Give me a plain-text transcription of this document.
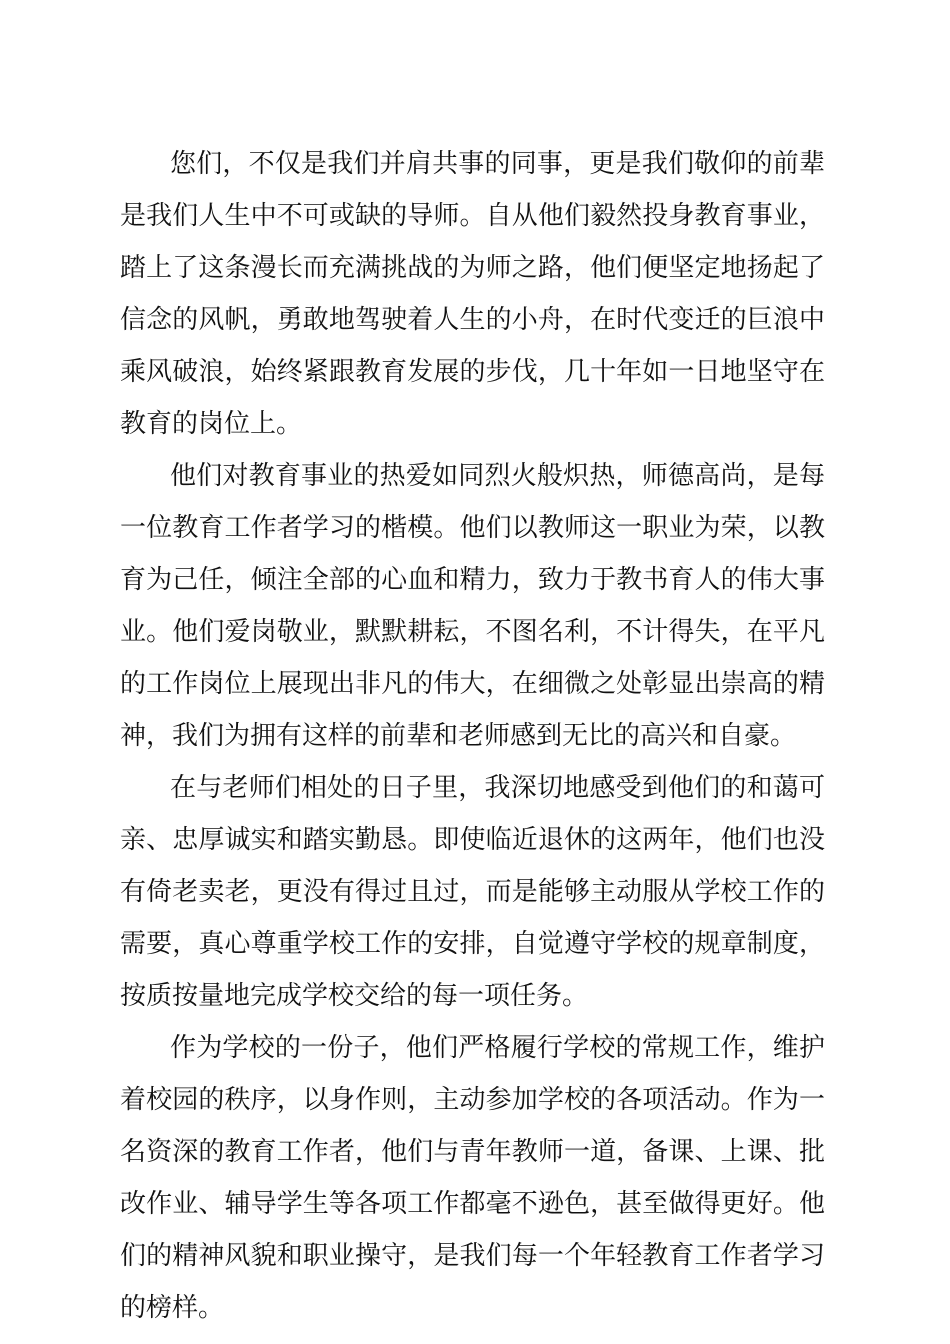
您们，不仅是我们并肩共事的同事，更是我们敬仰的前辈
是我们人生中不可或缺的导师。自从他们毅然投身教育事业，
踏上了这条漫长而充满挑战的为师之路，他们便坚定地扬起了
信念的风帆，勇敢地驾驶着人生的小舟，在时代变迁的巨浪中
乘风破浪，始终紧跟教育发展的步伐，几十年如一日地坚守在
教育的岗位上。
他们对教育事业的热爱如同烈火般炽热，师德高尚，是每
一位教育工作者学习的楷模。他们以教师这一职业为荣，以教
育为己任，倾注全部的心血和精力，致力于教书育人的伟大事
业。他们爱岗敬业，默默耕耘，不图名利，不计得失，在平凡
的工作岗位上展现出非凡的伟大，在细微之处彰显出崇高的精
神，我们为拥有这样的前辈和老师感到无比的高兴和自豪。
在与老师们相处的日子里，我深切地感受到他们的和蔼可
亲、忠厚诚实和踏实勤恳。即使临近退休的这两年，他们也没
有倚老卖老，更没有得过且过，而是能够主动服从学校工作的
需要，真心尊重学校工作的安排，自觉遵守学校的规章制度，
按质按量地完成学校交给的每一项任务。
作为学校的一份子，他们严格履行学校的常规工作，维护
着校园的秩序，以身作则，主动参加学校的各项活动。作为一
名资深的教育工作者，他们与青年教师一道，备课、上课、批
改作业、辅导学生等各项工作都毫不逊色，甚至做得更好。他
们的精神风貌和职业操守，是我们每一个年轻教育工作者学习
的榜样。
